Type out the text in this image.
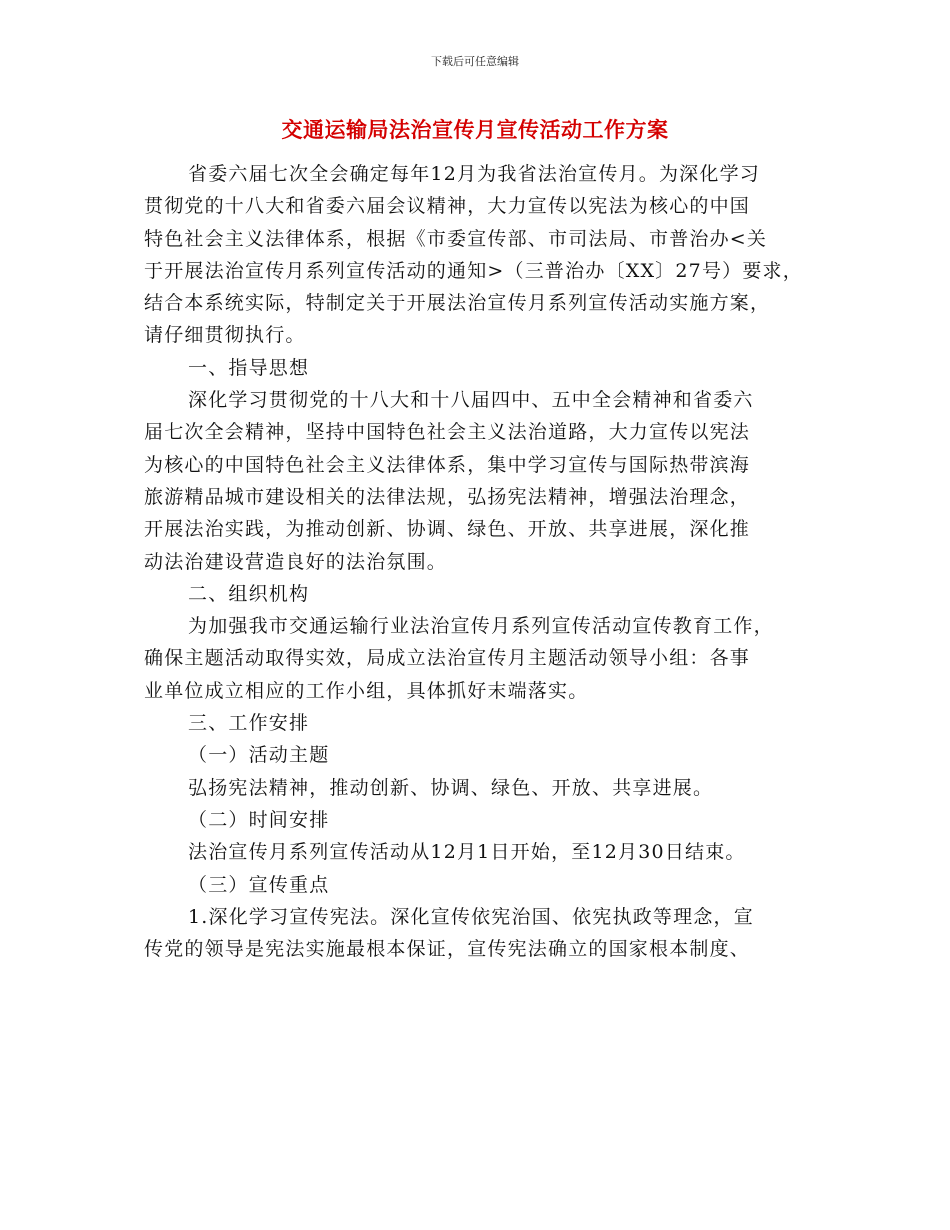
下载后可任意编辑
交通运输局法治宣传月宣传活动工作方案

省委六届七次全会确定每年12月为我省法治宣传月。为深化学习
贯彻党的十八大和省委六届会议精神，大力宣传以宪法为核心的中国
特色社会主义法律体系，根据《市委宣传部、市司法局、市普治办<关
于开展法治宣传月系列宣传活动的通知>（三普治办〔XX〕27号）要求，
结合本系统实际，特制定关于开展法治宣传月系列宣传活动实施方案，
请仔细贯彻执行。

一、指导思想

深化学习贯彻党的十八大和十八届四中、五中全会精神和省委六
届七次全会精神，坚持中国特色社会主义法治道路，大力宣传以宪法
为核心的中国特色社会主义法律体系，集中学习宣传与国际热带滨海
旅游精品城市建设相关的法律法规，弘扬宪法精神，增强法治理念，
开展法治实践，为推动创新、协调、绿色、开放、共享进展，深化推
动法治建设营造良好的法治氛围。

二、组织机构

为加强我市交通运输行业法治宣传月系列宣传活动宣传教育工作，
确保主题活动取得实效，局成立法治宣传月主题活动领导小组：各事
业单位成立相应的工作小组，具体抓好末端落实。

三、工作安排

（一）活动主题

弘扬宪法精神，推动创新、协调、绿色、开放、共享进展。

（二）时间安排

法治宣传月系列宣传活动从12月1日开始，至12月30日结束。

（三）宣传重点

1.深化学习宣传宪法。深化宣传依宪治国、依宪执政等理念，宣
传党的领导是宪法实施最根本保证，宣传宪法确立的国家根本制度、
